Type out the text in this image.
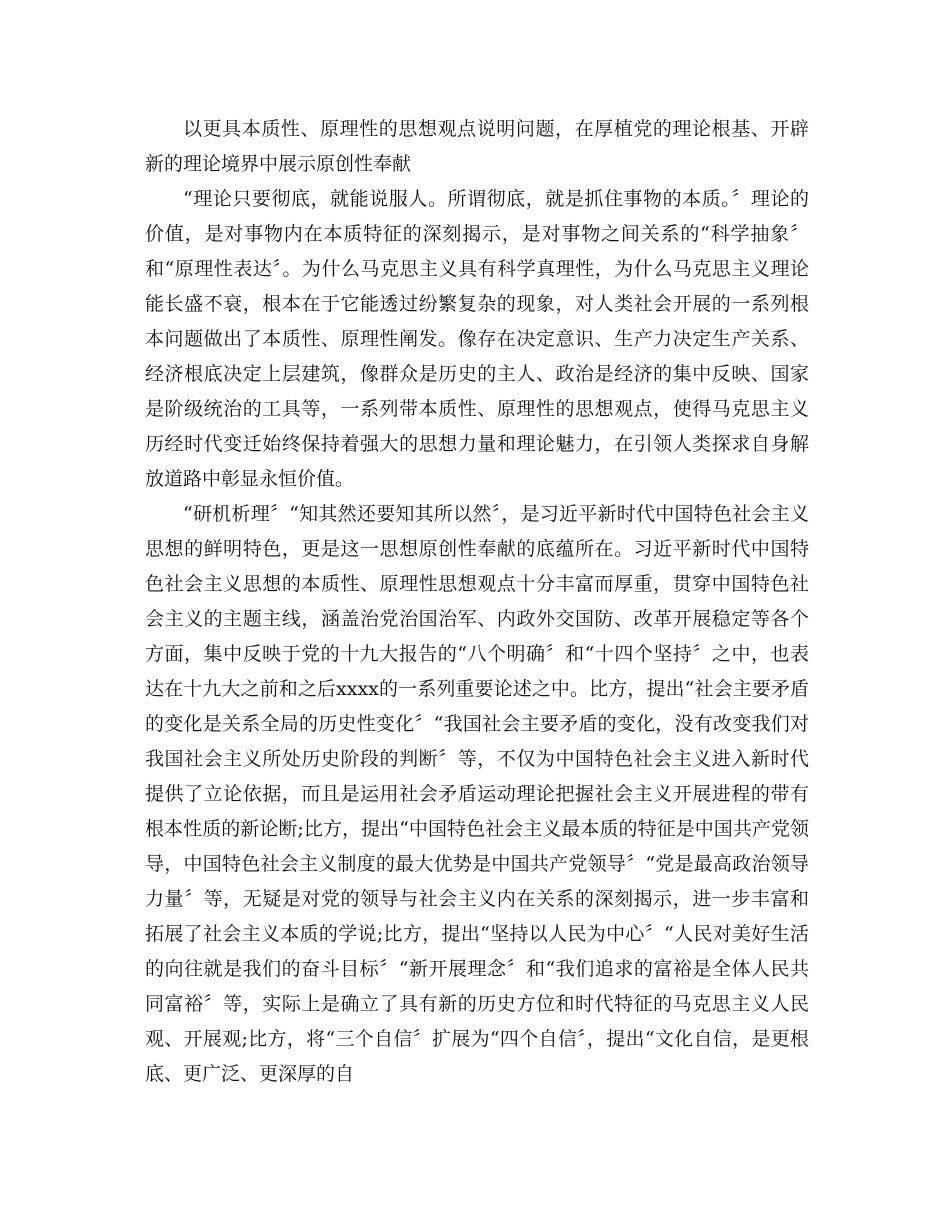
以更具本质性、原理性的思想观点说明问题，在厚植党的理论根基、开辟新的理论境界中展示原创性奉献

“理论只要彻底，就能说服人。所谓彻底，就是抓住事物的本质。〞理论的价值，是对事物内在本质特征的深刻揭示，是对事物之间关系的“科学抽象〞和“原理性表达〞。为什么马克思主义具有科学真理性，为什么马克思主义理论能长盛不衰，根本在于它能透过纷繁复杂的现象，对人类社会开展的一系列根本问题做出了本质性、原理性阐发。像存在决定意识、生产力决定生产关系、经济根底决定上层建筑，像群众是历史的主人、政治是经济的集中反映、国家是阶级统治的工具等，一系列带本质性、原理性的思想观点，使得马克思主义历经时代变迁始终保持着强大的思想力量和理论魅力，在引领人类探求自身解放道路中彰显永恒价值。

“研机析理〞“知其然还要知其所以然〞，是习近平新时代中国特色社会主义思想的鲜明特色，更是这一思想原创性奉献的底蕴所在。习近平新时代中国特色社会主义思想的本质性、原理性思想观点十分丰富而厚重，贯穿中国特色社会主义的主题主线，涵盖治党治国治军、内政外交国防、改革开展稳定等各个方面，集中反映于党的十九大报告的“八个明确〞和“十四个坚持〞之中，也表达在十九大之前和之后xxxx的一系列重要论述之中。比方，提出“社会主要矛盾的变化是关系全局的历史性变化〞“我国社会主要矛盾的变化，没有改变我们对我国社会主义所处历史阶段的判断〞等，不仅为中国特色社会主义进入新时代提供了立论依据，而且是运用社会矛盾运动理论把握社会主义开展进程的带有根本性质的新论断;比方，提出“中国特色社会主义最本质的特征是中国共产党领导，中国特色社会主义制度的最大优势是中国共产党领导〞“党是最高政治领导力量〞等，无疑是对党的领导与社会主义内在关系的深刻揭示，进一步丰富和拓展了社会主义本质的学说;比方，提出“坚持以人民为中心〞“人民对美好生活的向往就是我们的奋斗目标〞“新开展理念〞和“我们追求的富裕是全体人民共同富裕〞等，实际上是确立了具有新的历史方位和时代特征的马克思主义人民观、开展观;比方，将“三个自信〞扩展为“四个自信〞，提出“文化自信，是更根底、更广泛、更深厚的自
